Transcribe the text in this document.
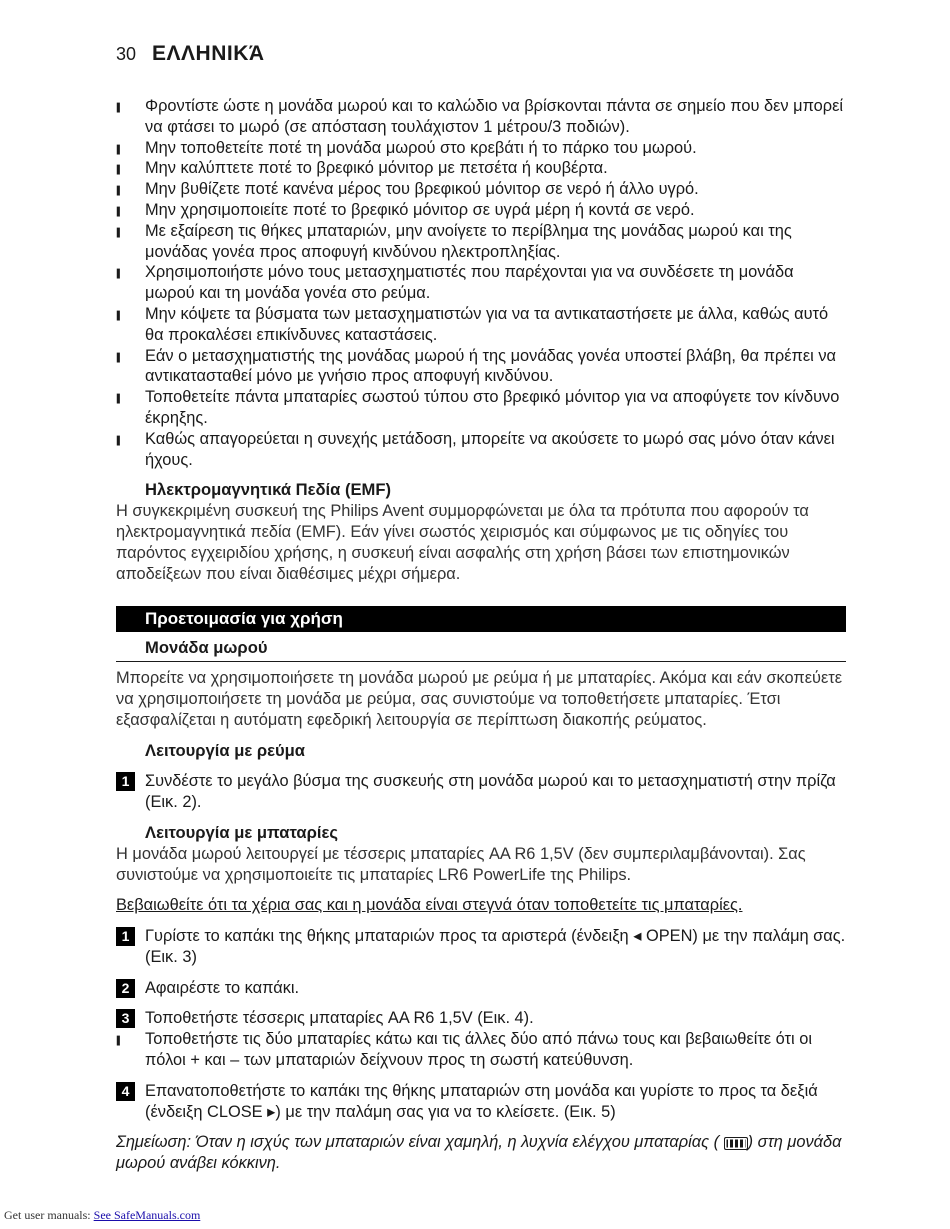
30 ΕΛΛΗΝΙΚΆ
▮ Φροντίστε ώστε η μονάδα μωρού και το καλώδιο να βρίσκονται πάντα σε σημείο που δεν μπορεί να φτάσει το μωρό (σε απόσταση τουλάχιστον 1 μέτρου/3 ποδιών).
▮ Μην τοποθετείτε ποτέ τη μονάδα μωρού στο κρεβάτι ή το πάρκο του μωρού.
▮ Μην καλύπτετε ποτέ το βρεφικό μόνιτορ με πετσέτα ή κουβέρτα.
▮ Μην βυθίζετε ποτέ κανένα μέρος του βρεφικού μόνιτορ σε νερό ή άλλο υγρό.
▮ Μην χρησιμοποιείτε ποτέ το βρεφικό μόνιτορ σε υγρά μέρη ή κοντά σε νερό.
▮ Με εξαίρεση τις θήκες μπαταριών, μην ανοίγετε το περίβλημα της μονάδας μωρού και της μονάδας γονέα προς αποφυγή κινδύνου ηλεκτροπληξίας.
▮ Χρησιμοποιήστε μόνο τους μετασχηματιστές που παρέχονται για να συνδέσετε τη μονάδα μωρού και τη μονάδα γονέα στο ρεύμα.
▮ Μην κόψετε τα βύσματα των μετασχηματιστών για να τα αντικαταστήσετε με άλλα, καθώς αυτό θα προκαλέσει επικίνδυνες καταστάσεις.
▮ Εάν ο μετασχηματιστής της μονάδας μωρού ή της μονάδας γονέα υποστεί βλάβη, θα πρέπει να αντικατασταθεί μόνο με γνήσιο προς αποφυγή κινδύνου.
▮ Τοποθετείτε πάντα μπαταρίες σωστού τύπου στο βρεφικό μόνιτορ για να αποφύγετε τον κίνδυνο έκρηξης.
▮ Καθώς απαγορεύεται η συνεχής μετάδοση, μπορείτε να ακούσετε το μωρό σας μόνο όταν κάνει ήχους.
Ηλεκτρομαγνητικά Πεδία (EMF)

Η συγκεκριμένη συσκευή της Philips Avent συμμορφώνεται με όλα τα πρότυπα που αφορούν τα ηλεκτρομαγνητικά πεδία (EMF). Εάν γίνει σωστός χειρισμός και σύμφωνος με τις οδηγίες του παρόντος εγχειριδίου χρήσης, η συσκευή είναι ασφαλής στη χρήση βάσει των επιστημονικών αποδείξεων που είναι διαθέσιμες μέχρι σήμερα.

Προετοιμασία για χρήση
Μονάδα μωρού

Μπορείτε να χρησιμοποιήσετε τη μονάδα μωρού με ρεύμα ή με μπαταρίες. Ακόμα και εάν σκοπεύετε να χρησιμοποιήσετε τη μονάδα με ρεύμα, σας συνιστούμε να τοποθετήσετε μπαταρίες. Έτσι εξασφαλίζεται η αυτόματη εφεδρική λειτουργία σε περίπτωση διακοπής ρεύματος.

Λειτουργία με ρεύμα
1 Συνδέστε το μεγάλο βύσμα της συσκευής στη μονάδα μωρού και το μετασχηματιστή στην πρίζα (Εικ. 2).
Λειτουργία με μπαταρίες

Η μονάδα μωρού λειτουργεί με τέσσερις μπαταρίες AA R6 1,5V (δεν συμπεριλαμβάνονται). Σας συνιστούμε να χρησιμοποιείτε τις μπαταρίες LR6 PowerLife της Philips.

Βεβαιωθείτε ότι τα χέρια σας και η μονάδα είναι στεγνά όταν τοποθετείτε τις μπαταρίες.

1 Γυρίστε το καπάκι της θήκης μπαταριών προς τα αριστερά (ένδειξη ◂ OPEN) με την παλάμη σας. (Εικ. 3)
2 Αφαιρέστε το καπάκι.
3 Τοποθετήστε τέσσερις μπαταρίες AA R6 1,5V (Εικ. 4).
▮ Τοποθετήστε τις δύο μπαταρίες κάτω και τις άλλες δύο από πάνω τους και βεβαιωθείτε ότι οι πόλοι + και – των μπαταριών δείχνουν προς τη σωστή κατεύθυνση.
4 Επανατοποθετήστε το καπάκι της θήκης μπαταριών στη μονάδα και γυρίστε το προς τα δεξιά (ένδειξη CLOSE ▸) με την παλάμη σας για να το κλείσετε. (Εικ. 5)

Σημείωση: Όταν η ισχύς των μπαταριών είναι χαμηλή, η λυχνία ελέγχου μπαταρίας ( ) στη μονάδα μωρού ανάβει κόκκινη.

Get user manuals: See SafeManuals.com
